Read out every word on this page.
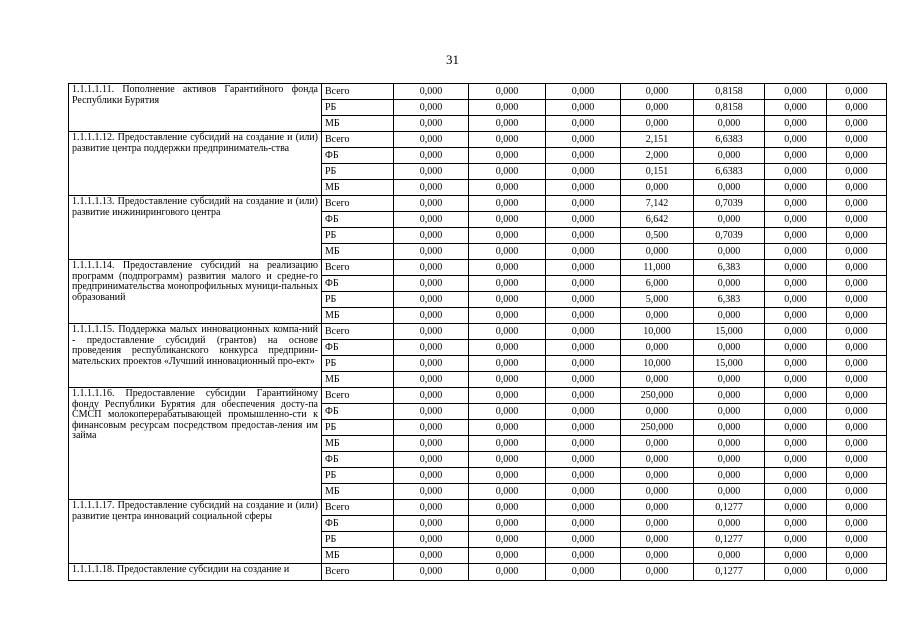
31
1.1.1.1.11. Пополнение активов Гарантийного фонда Республики Бурятия	Всего	0,000	0,000	0,000	0,000	0,8158	0,000	0,000
	РБ	0,000	0,000	0,000	0,000	0,8158	0,000	0,000
	МБ	0,000	0,000	0,000	0,000	0,000	0,000	0,000
1.1.1.1.12. Предоставление субсидий на создание и (или) развитие центра поддержки предприниматель-ства	Всего	0,000	0,000	0,000	2,151	6,6383	0,000	0,000
	ФБ	0,000	0,000	0,000	2,000	0,000	0,000	0,000
	РБ	0,000	0,000	0,000	0,151	6,6383	0,000	0,000
	МБ	0,000	0,000	0,000	0,000	0,000	0,000	0,000
1.1.1.1.13. Предоставление субсидий на создание и (или) развитие инжинирингового центра	Всего	0,000	0,000	0,000	7,142	0,7039	0,000	0,000
	ФБ	0,000	0,000	0,000	6,642	0,000	0,000	0,000
	РБ	0,000	0,000	0,000	0,500	0,7039	0,000	0,000
	МБ	0,000	0,000	0,000	0,000	0,000	0,000	0,000
1.1.1.1.14. Предоставление субсидий на реализацию программ (подпрограмм) развития малого и средне-го предпринимательства монопрофильных муници-пальных образований	Всего	0,000	0,000	0,000	11,000	6,383	0,000	0,000
	ФБ	0,000	0,000	0,000	6,000	0,000	0,000	0,000
	РБ	0,000	0,000	0,000	5,000	6,383	0,000	0,000
	МБ	0,000	0,000	0,000	0,000	0,000	0,000	0,000
1.1.1.1.15. Поддержка малых инновационных компа-ний - предоставление субсидий (грантов) на основе проведения республиканского конкурса предприни-мательских проектов «Лучший инновационный про-ект»	Всего	0,000	0,000	0,000	10,000	15,000	0,000	0,000
	ФБ	0,000	0,000	0,000	0,000	0,000	0,000	0,000
	РБ	0,000	0,000	0,000	10,000	15,000	0,000	0,000
	МБ	0,000	0,000	0,000	0,000	0,000	0,000	0,000
1.1.1.1.16. Предоставление субсидии Гарантийному фонду Республики Бурятия для обеспечения досту-па СМСП молокоперерабатывающей промышленно-сти к финансовым ресурсам посредством предостав-ления им займа	Всего	0,000	0,000	0,000	250,000	0,000	0,000	0,000
	ФБ	0,000	0,000	0,000	0,000	0,000	0,000	0,000
	РБ	0,000	0,000	0,000	250,000	0,000	0,000	0,000
	МБ	0,000	0,000	0,000	0,000	0,000	0,000	0,000
	ФБ	0,000	0,000	0,000	0,000	0,000	0,000	0,000
	РБ	0,000	0,000	0,000	0,000	0,000	0,000	0,000
	МБ	0,000	0,000	0,000	0,000	0,000	0,000	0,000
1.1.1.1.17. Предоставление субсидий на создание и (или) развитие центра инноваций социальной сферы	Всего	0,000	0,000	0,000	0,000	0,1277	0,000	0,000
	ФБ	0,000	0,000	0,000	0,000	0,000	0,000	0,000
	РБ	0,000	0,000	0,000	0,000	0,1277	0,000	0,000
	МБ	0,000	0,000	0,000	0,000	0,000	0,000	0,000
1.1.1.1.18. Предоставление субсидии на создание и	Всего	0,000	0,000	0,000	0,000	0,1277	0,000	0,000
